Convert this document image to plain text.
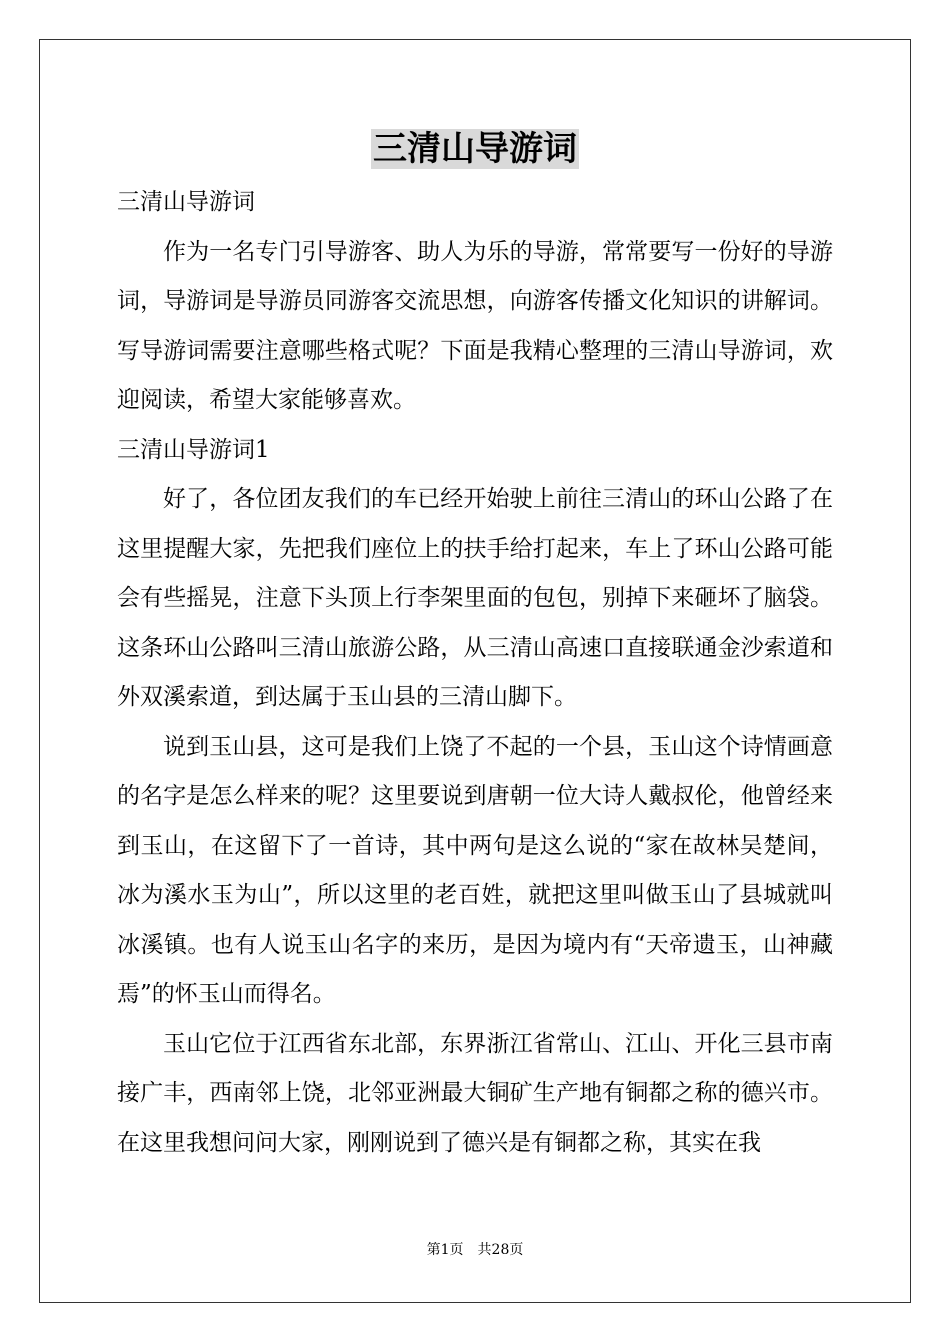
三清山导游词

三清山导游词

作为一名专门引导游客、助人为乐的导游，常常要写一份好的导游词，导游词是导游员同游客交流思想，向游客传播文化知识的讲解词。写导游词需要注意哪些格式呢？下面是我精心整理的三清山导游词，欢迎阅读，希望大家能够喜欢。

三清山导游词1

好了，各位团友我们的车已经开始驶上前往三清山的环山公路了在这里提醒大家，先把我们座位上的扶手给打起来，车上了环山公路可能会有些摇晃，注意下头顶上行李架里面的包包，别掉下来砸坏了脑袋。这条环山公路叫三清山旅游公路，从三清山高速口直接联通金沙索道和外双溪索道，到达属于玉山县的三清山脚下。

说到玉山县，这可是我们上饶了不起的一个县，玉山这个诗情画意的名字是怎么样来的呢？这里要说到唐朝一位大诗人戴叔伦，他曾经来到玉山，在这留下了一首诗，其中两句是这么说的“家在故林吴楚间，冰为溪水玉为山”，所以这里的老百姓，就把这里叫做玉山了县城就叫冰溪镇。也有人说玉山名字的来历，是因为境内有“天帝遗玉，山神藏焉”的怀玉山而得名。

玉山它位于江西省东北部，东界浙江省常山、江山、开化三县市南接广丰，西南邻上饶，北邻亚洲最大铜矿生产地有铜都之称的德兴市。在这里我想问问大家，刚刚说到了德兴是有铜都之称，其实在我

第1页　共28页
